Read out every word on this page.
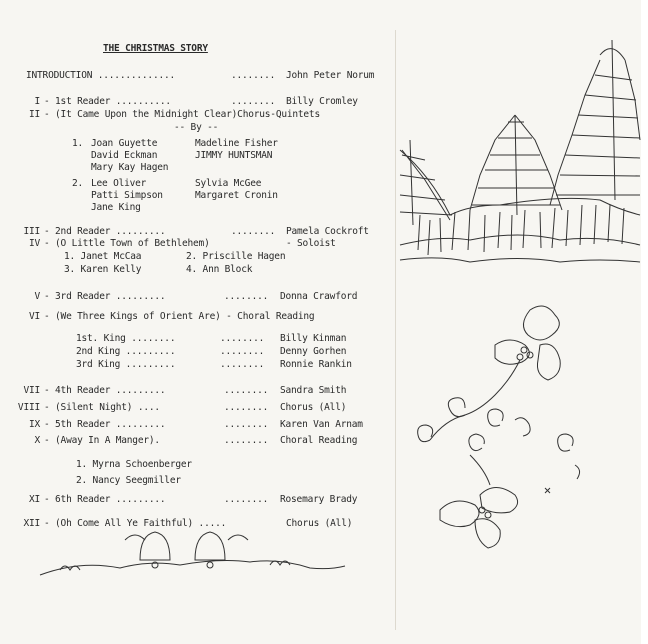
THE CHRISTMAS STORY
INTRODUCTION ..............	........ John Peter Norum
I - 1st Reader ..........	........ Billy Cromley
II - (It Came Upon the Midnight Clear)Chorus-Quintets
-- By --
1. Joan Guyette	Madeline Fisher
David Eckman	JIMMY HUNTSMAN
Mary Kay Hagen
2. Lee Oliver	Sylvia McGee
Patti Simpson	Margaret Cronin
Jane King
III - 2nd Reader .........	........ Pamela Cockroft
IV - (O Little Town of Bethlehem)	- Soloist
1. Janet McCaa	2. Priscille Hagen
3. Karen Kelly	4. Ann Block
V - 3rd Reader .........	........ Donna Crawford
VI - (We Three Kings of Orient Are) - Choral Reading
1st. King ........	........ Billy Kinman
2nd King .........	........ Denny Gorhen
3rd King .........	........ Ronnie Rankin
VII - 4th Reader .........	........ Sandra Smith
VIII - (Silent Night) ....	........ Chorus (All)
IX - 5th Reader .........	........ Karen Van Arnam
X - (Away In A Manger).	........ Choral Reading
1. Myrna Schoenberger
2. Nancy Seegmiller
XI - 6th Reader .........	........ Rosemary Brady
XII - (Oh Come All Ye Faithful) .....	Chorus (All)
